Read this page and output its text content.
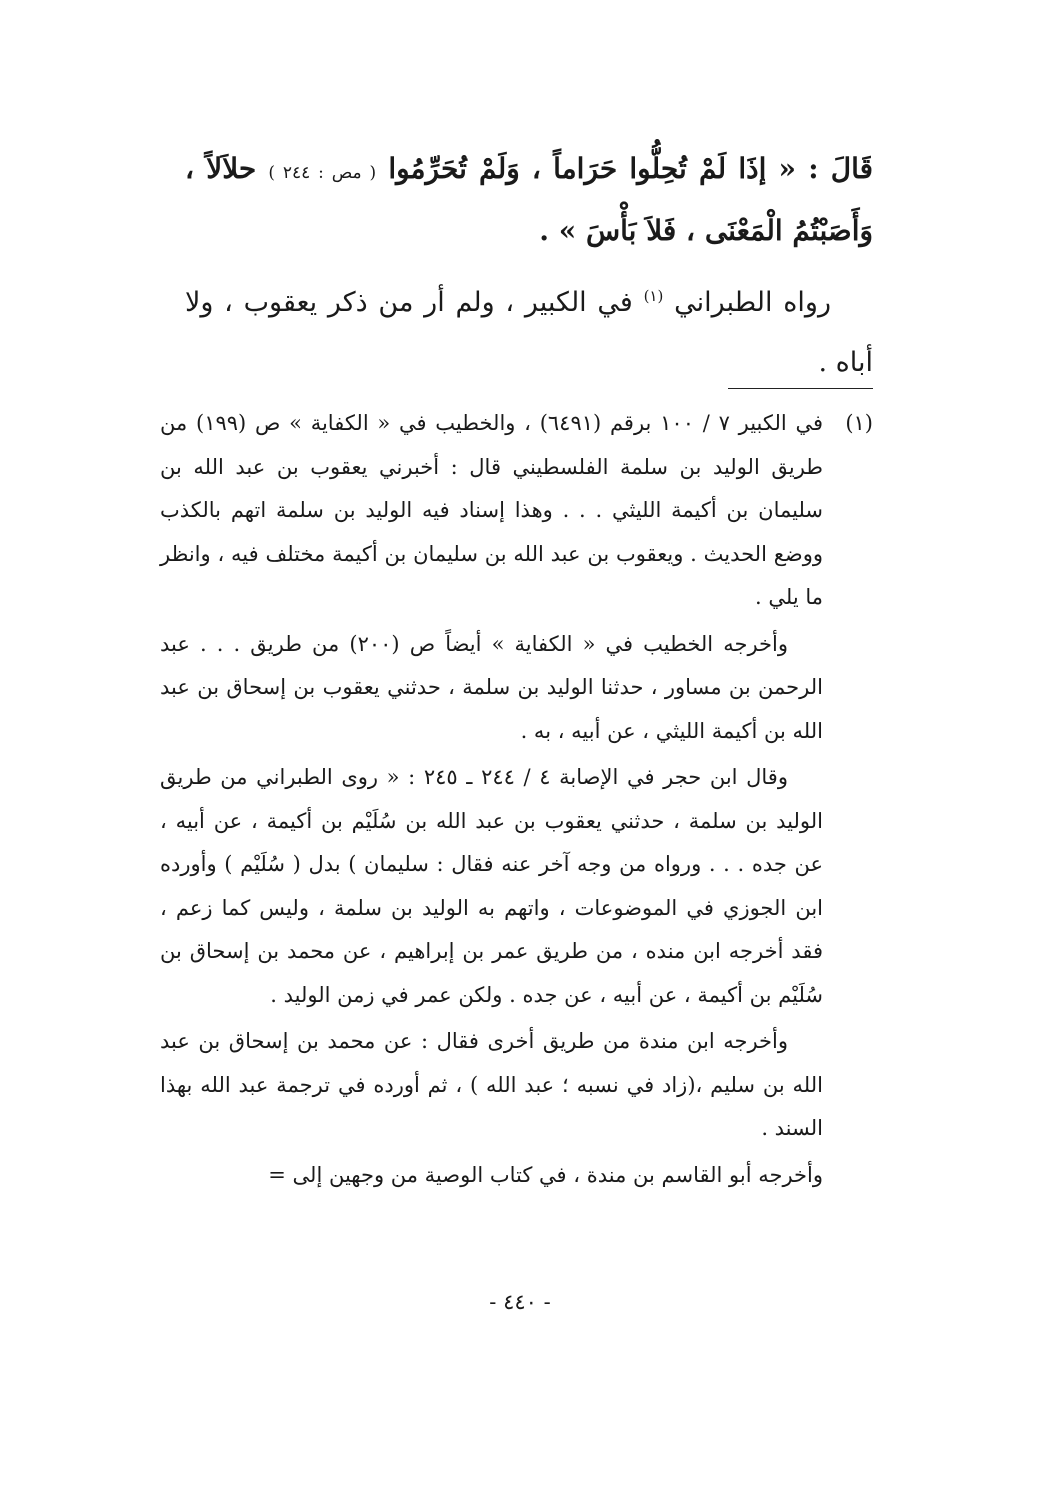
قَالَ : « إذَا لَمْ تُحِلُّوا حَرَاماً ، وَلَمْ تُحَرِّمُوا ( مص : ٢٤٤ ) حلاَلاً ، وَأَصَبْتُمُ الْمَعْنَى ، فَلاَ بَأْسَ » .

رواه الطبراني $^{(١)}$ في الكبير ، ولم أر من ذكر يعقوب ، ولا أباه .

(١)
في الكبير ٧ / ١٠٠ برقم (٦٤٩١) ، والخطيب في « الكفاية » ص (١٩٩) من طريق الوليد بن سلمة الفلسطيني قال : أخبرني يعقوب بن عبد الله بن سليمان بن أكيمة الليثي . . . وهذا إسناد فيه الوليد بن سلمة اتهم بالكذب ووضع الحديث . ويعقوب بن عبد الله بن سليمان بن أكيمة مختلف فيه ، وانظر ما يلي .

وأخرجه الخطيب في « الكفاية » أيضاً ص (٢٠٠) من طريق . . . عبد الرحمن بن مساور ، حدثنا الوليد بن سلمة ، حدثني يعقوب بن إسحاق بن عبد الله بن أكيمة الليثي ، عن أبيه ، به .

وقال ابن حجر في الإصابة ٤ / ٢٤٤ ـ ٢٤٥ : « روى الطبراني من طريق الوليد بن سلمة ، حدثني يعقوب بن عبد الله بن سُلَيْم بن أكيمة ، عن أبيه ، عن جده . . . ورواه من وجه آخر عنه فقال : سليمان ) بدل ( سُلَيْم ) وأورده ابن الجوزي في الموضوعات ، واتهم به الوليد بن سلمة ، وليس كما زعم ، فقد أخرجه ابن منده ، من طريق عمر بن إبراهيم ، عن محمد بن إسحاق بن سُلَيْم بن أكيمة ، عن أبيه ، عن جده . ولكن عمر في زمن الوليد .

وأخرجه ابن مندة من طريق أخرى فقال : عن محمد بن إسحاق بن عبد الله بن سليم ،(زاد في نسبه ؛ عبد الله ) ، ثم أورده في ترجمة عبد الله بهذا السند .

وأخرجه أبو القاسم بن مندة ، في كتاب الوصية من وجهين إلى =

- ٤٤٠ -
